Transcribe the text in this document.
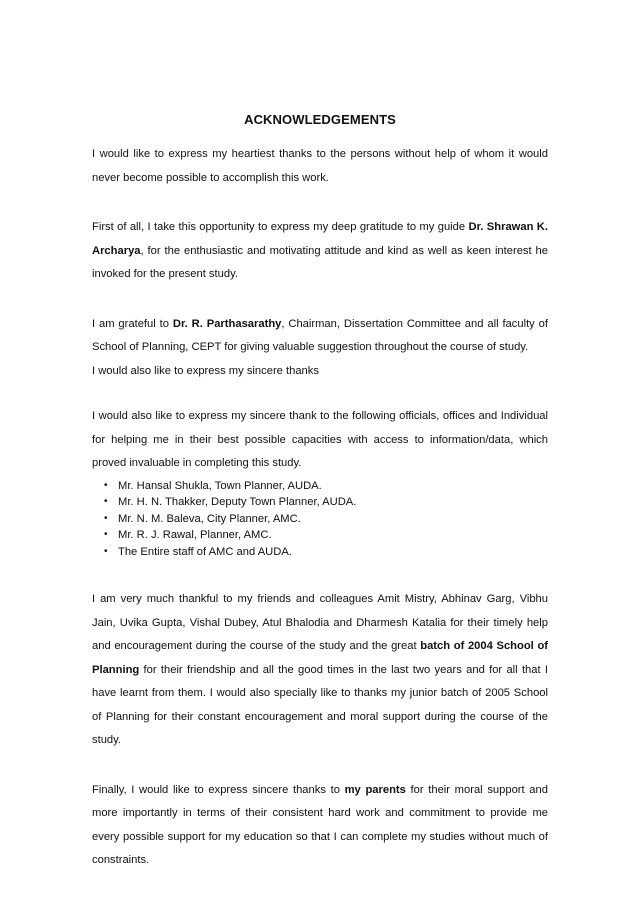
ACKNOWLEDGEMENTS

I would like to express my heartiest thanks to the persons without help of whom it would never become possible to accomplish this work.

First of all, I take this opportunity to express my deep gratitude to my guide Dr. Shrawan K. Archarya, for the enthusiastic and motivating attitude and kind as well as keen interest he invoked for the present study.

I am grateful to Dr. R. Parthasarathy, Chairman, Dissertation Committee and all faculty of School of Planning, CEPT for giving valuable suggestion throughout the course of study.

I would also like to express my sincere thanks

I would also like to express my sincere thank to the following officials, offices and Individual for helping me in their best possible capacities with access to information/data, which proved invaluable in completing this study.

• Mr. Hansal Shukla, Town Planner, AUDA.
• Mr. H. N. Thakker, Deputy Town Planner, AUDA.
• Mr. N. M. Baleva, City Planner, AMC.
• Mr. R. J. Rawal, Planner, AMC.
• The Entire staff of AMC and AUDA.

I am very much thankful to my friends and colleagues Amit Mistry, Abhinav Garg, Vibhu Jain, Uvika Gupta, Vishal Dubey, Atul Bhalodia and Dharmesh Katalia for their timely help and encouragement during the course of the study and the great batch of 2004 School of Planning for their friendship and all the good times in the last two years and for all that I have learnt from them. I would also specially like to thanks my junior batch of 2005 School of Planning for their constant encouragement and moral support during the course of the study.

Finally, I would like to express sincere thanks to my parents for their moral support and more importantly in terms of their consistent hard work and commitment to provide me every possible support for my education so that I can complete my studies without much of constraints.
